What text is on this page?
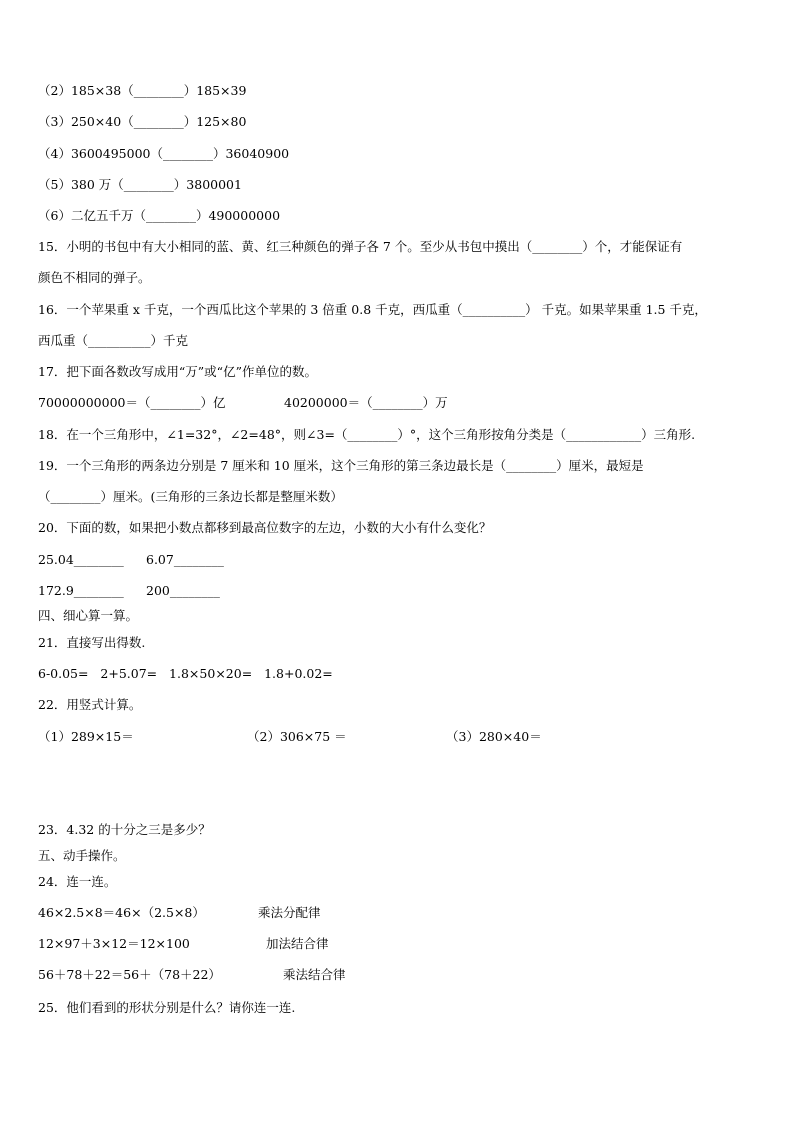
（2）185×38（________）185×39
（3）250×40（________）125×80
（4）3600495000（________）36040900
（5）380 万（________）3800001
（6）二亿五千万（________）490000000
15．小明的书包中有大小相同的蓝、黄、红三种颜色的弹子各 7 个。至少从书包中摸出（________）个，才能保证有
颜色不相同的弹子。
16．一个苹果重 x 千克，一个西瓜比这个苹果的 3 倍重 0.8 千克，西瓜重（__________） 千克。如果苹果重 1.5 千克，
西瓜重（__________）千克
17．把下面各数改写成用“万”或“亿”作单位的数。
70000000000＝（________）亿	40200000＝（________）万
18．在一个三角形中，∠1=32°，∠2=48°，则∠3=（________）°，这个三角形按角分类是（____________）三角形.
19．一个三角形的两条边分别是 7 厘米和 10 厘米，这个三角形的第三条边最长是（________）厘米，最短是
（________）厘米。(三角形的三条边长都是整厘米数）
20．下面的数，如果把小数点都移到最高位数字的左边，小数的大小有什么变化？
25.04________ 6.07________
172.9________ 200________
四、细心算一算。
21．直接写出得数.
6-0.05=   2+5.07=   1.8×50×20=   1.8+0.02=
22．用竖式计算。
（1）289×15＝	（2）306×75 ＝	（3）280×40＝
23．4.32 的十分之三是多少？
五、动手操作。
24．连一连。
46×2.5×8＝46×（2.5×8）	乘法分配律
12×97＋3×12＝12×100	加法结合律
56＋78＋22＝56＋（78＋22）	乘法结合律
25．他们看到的形状分别是什么？请你连一连.
